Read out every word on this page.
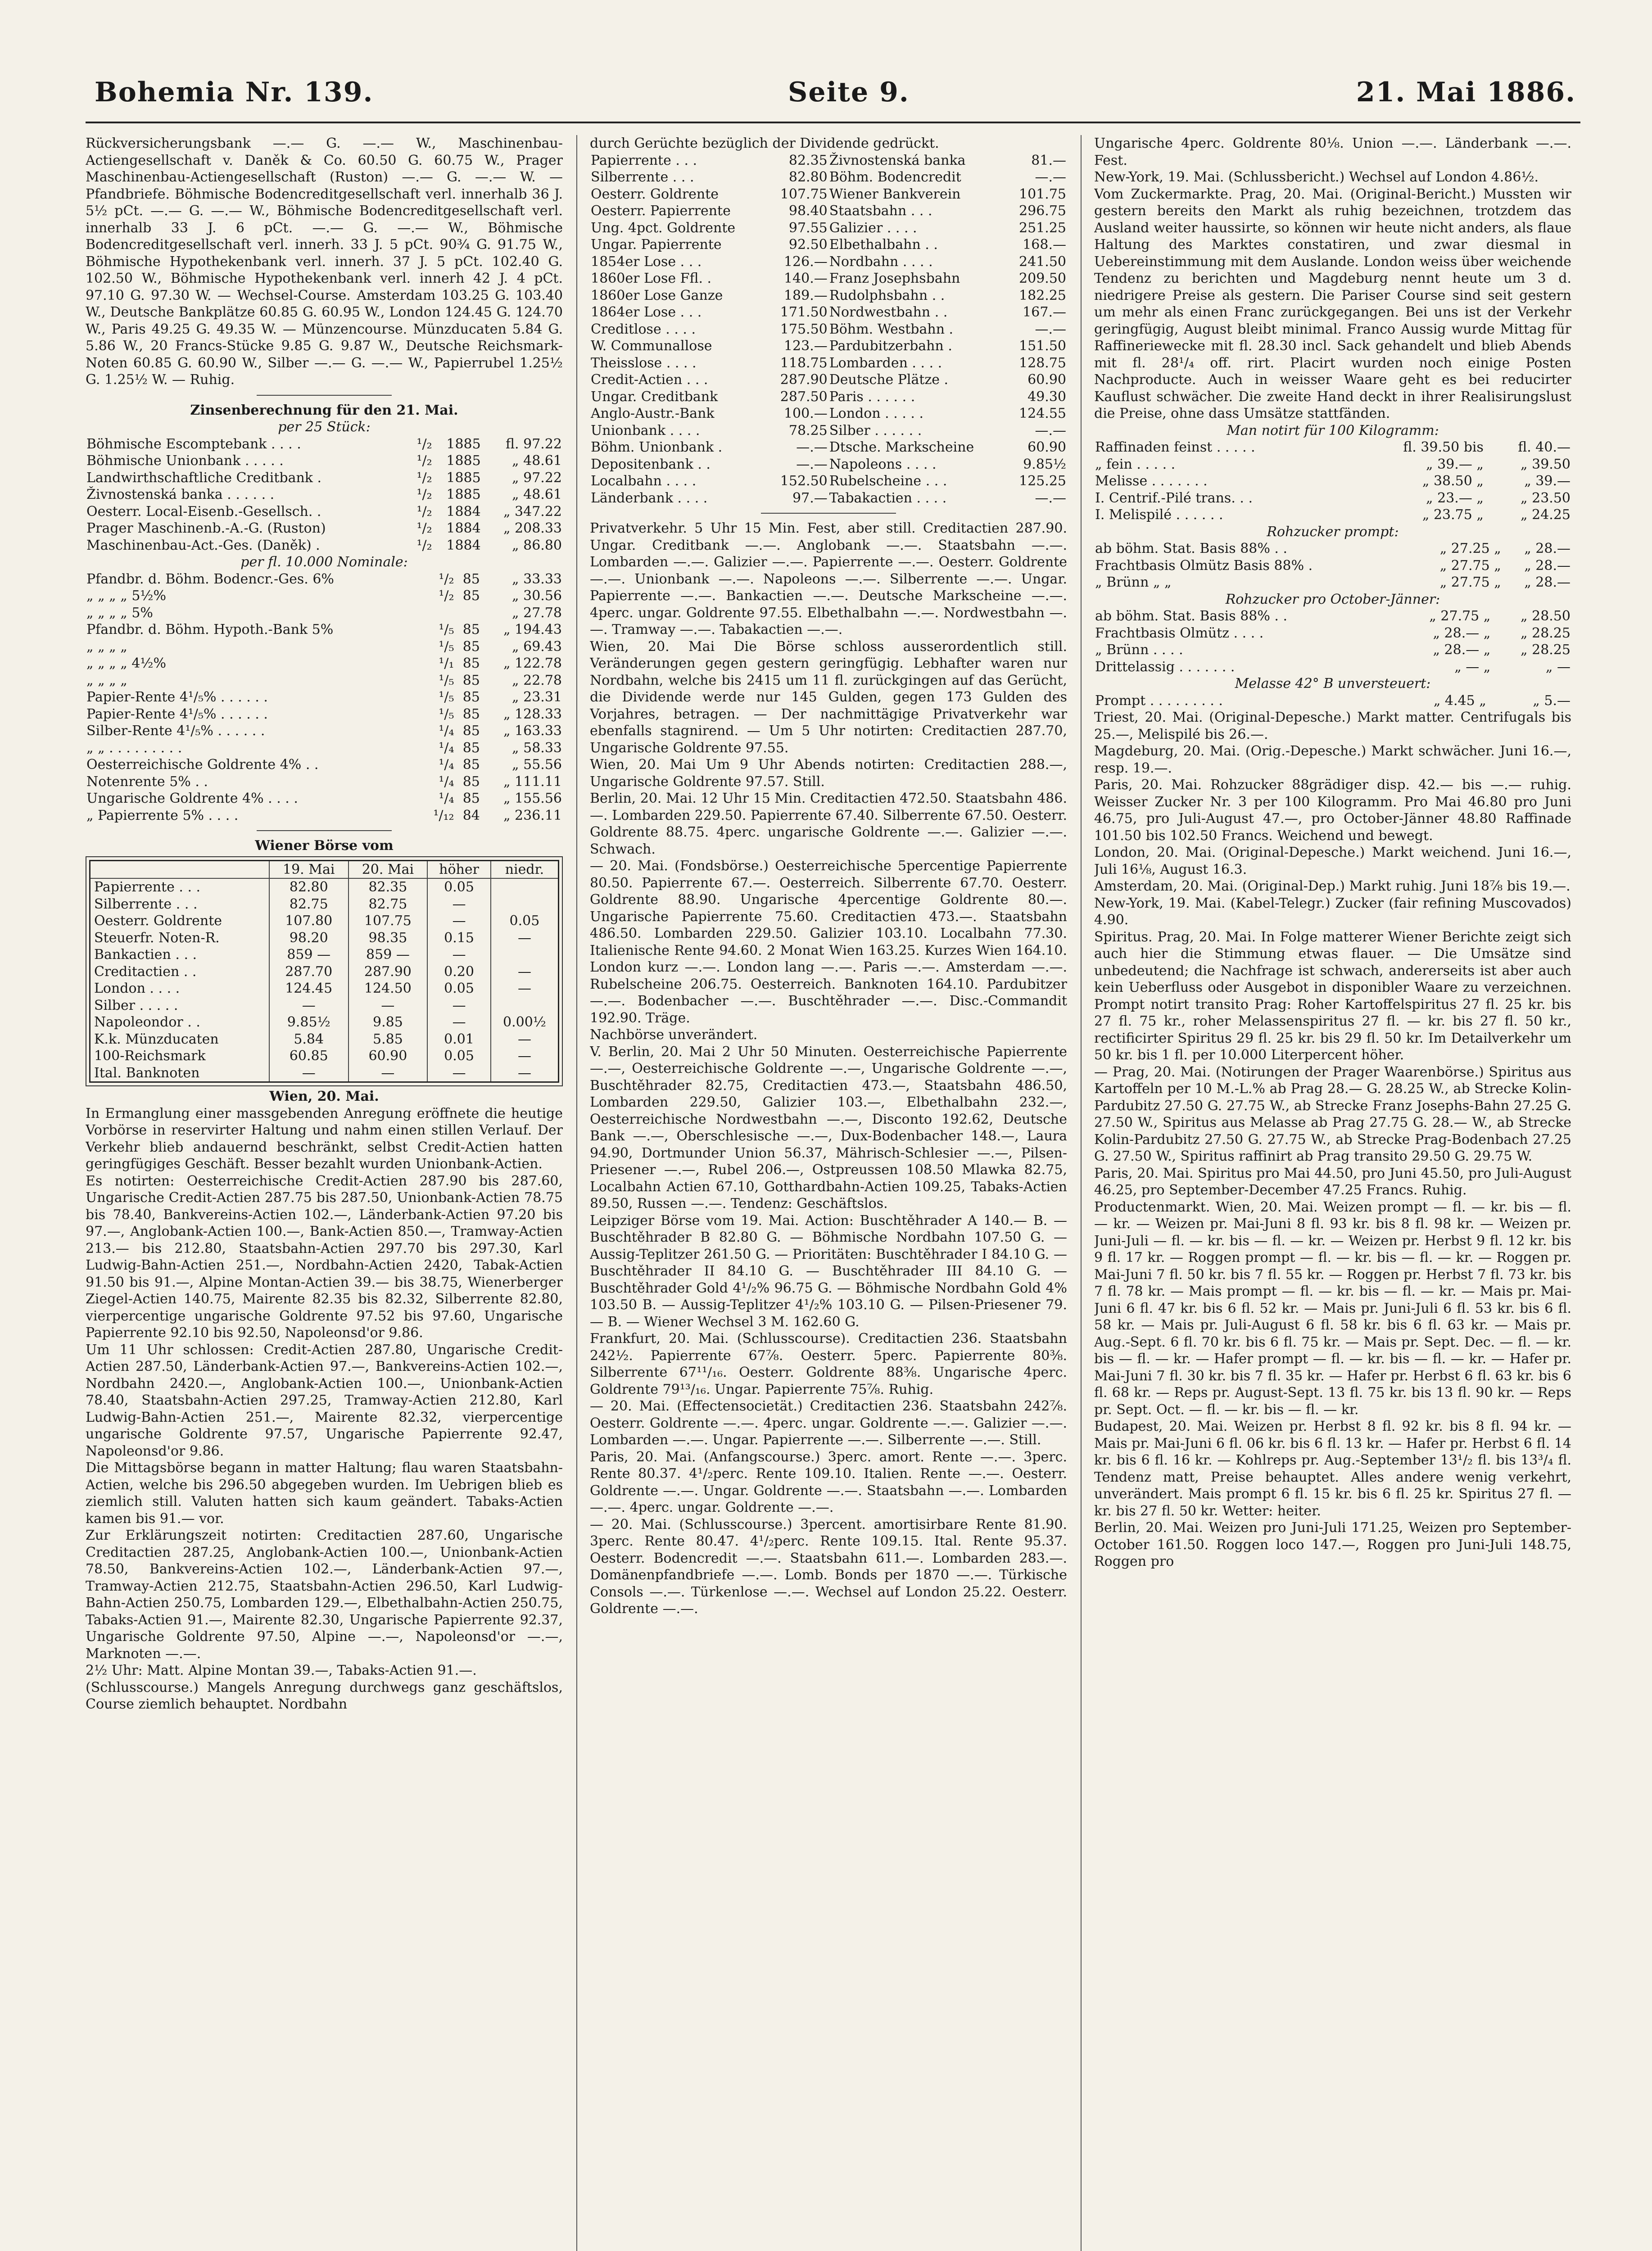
Bohemia Nr. 139.	Seite 9.	21. Mai 1886.

Rückversicherungsbank —.— G. —.— W., Maschinenbau-Actiengesellschaft v. Daněk & Co. 60.50 G. 60.75 W., Prager Maschinenbau-Actiengesellschaft (Ruston) —.— G. —.— W. — Pfandbriefe. Böhmische Bodencreditgesellschaft verl. innerhalb 36 J. 5½ pCt. —.— G. —.— W., Böhmische Bodencreditgesellschaft verl. innerhalb 33 J. 6 pCt. —.— G. —.— W., Böhmische Bodencreditgesellschaft verl. innerh. 33 J. 5 pCt. 90¾ G. 91.75 W., Böhmische Hypothekenbank verl. innerh. 37 J. 5 pCt. 102.40 G. 102.50 W., Böhmische Hypothekenbank verl. innerh 42 J. 4 pCt. 97.10 G. 97.30 W. — Wechsel-Course. Amsterdam 103.25 G. 103.40 W., Deutsche Bankplätze 60.85 G. 60.95 W., London 124.45 G. 124.70 W., Paris 49.25 G. 49.35 W. — Münzencourse. Münzducaten 5.84 G. 5.86 W., 20 Francs-Stücke 9.85 G. 9.87 W., Deutsche Reichsmark-Noten 60.85 G. 60.90 W., Silber —.— G. —.— W., Papierrubel 1.25½ G. 1.25½ W. — Ruhig.

Zinsenberechnung für den 21. Mai.

per 25 Stück:

Böhmische Escomptebank . . . .	¹/₂	1885	fl. 97.22
Böhmische Unionbank . . . . .	¹/₂	1885	„ 48.61
Landwirthschaftliche Creditbank .	¹/₂	1885	„ 97.22
Živnostenská banka . . . . . .	¹/₂	1885	„ 48.61
Oesterr. Local-Eisenb.-Gesellsch. .	¹/₂	1884	„ 347.22
Prager Maschinenb.-A.-G. (Ruston)	¹/₂	1884	„ 208.33
Maschinenbau-Act.-Ges. (Daněk) .	¹/₂	1884	„ 86.80

per fl. 10.000 Nominale:

Pfandbr. d. Böhm. Bodencr.-Ges. 6%	¹/₂	85	„ 33.33
„ „ „ „ 5½%	¹/₂	85	„ 30.56
„ „ „ „ 5%			„ 27.78
Pfandbr. d. Böhm. Hypoth.-Bank 5%	¹/₅	85	„ 194.43
„ „ „ „	¹/₅	85	„ 69.43
„ „ „ „ 4½%	¹/₁	85	„ 122.78
„ „ „ „	¹/₅	85	„ 22.78
Papier-Rente 4¹/₅% . . . . . .	¹/₅	85	„ 23.31
Papier-Rente 4¹/₅% . . . . . .	¹/₅	85	„ 128.33
Silber-Rente 4¹/₅% . . . . . .	¹/₄	85	„ 163.33
„ „ . . . . . . . . .	¹/₄	85	„ 58.33
Oesterreichische Goldrente 4% . .	¹/₄	85	„ 55.56
Notenrente 5% . .	¹/₄	85	„ 111.11
Ungarische Goldrente 4% . . . .	¹/₄	85	„ 155.56
„ Papierrente 5% . . . .	¹/₁₂	84	„ 236.11

Wiener Börse vom

	19. Mai	20. Mai	höher	niedr.
Papierrente . . .	82.80	82.35	0.05	
Silberrente . . .	82.75	82.75	—	
Oesterr. Goldrente	107.80	107.75	—	0.05
Steuerfr. Noten-R.	98.20	98.35	0.15	—
Bankactien . . .	859 —	859 —	—	
Creditactien . .	287.70	287.90	0.20	—
London . . . .	124.45	124.50	0.05	—
Silber . . . . .	—	—	—	
Napoleondor . .	9.85½	9.85	—	0.00½
K.k. Münzducaten	5.84	5.85	0.01	—
100-Reichsmark	60.85	60.90	0.05	—
Ital. Banknoten	—	—	—	—

Wien, 20. Mai.

In Ermanglung einer massgebenden Anregung eröffnete die heutige Vorbörse in reservirter Haltung und nahm einen stillen Verlauf. Der Verkehr blieb andauernd beschränkt, selbst Credit-Actien hatten geringfügiges Geschäft. Besser bezahlt wurden Unionbank-Actien.

Es notirten: Oesterreichische Credit-Actien 287.90 bis 287.60, Ungarische Credit-Actien 287.75 bis 287.50, Unionbank-Actien 78.75 bis 78.40, Bankvereins-Actien 102.—, Länderbank-Actien 97.20 bis 97.—, Anglobank-Actien 100.—, Bank-Actien 850.—, Tramway-Actien 213.— bis 212.80, Staatsbahn-Actien 297.70 bis 297.30, Karl Ludwig-Bahn-Actien 251.—, Nordbahn-Actien 2420, Tabak-Actien 91.50 bis 91.—, Alpine Montan-Actien 39.— bis 38.75, Wienerberger Ziegel-Actien 140.75, Mairente 82.35 bis 82.32, Silberrente 82.80, vierpercentige ungarische Goldrente 97.52 bis 97.60, Ungarische Papierrente 92.10 bis 92.50, Napoleonsd'or 9.86.

Um 11 Uhr schlossen: Credit-Actien 287.80, Ungarische Credit-Actien 287.50, Länderbank-Actien 97.—, Bankvereins-Actien 102.—, Nordbahn 2420.—, Anglobank-Actien 100.—, Unionbank-Actien 78.40, Staatsbahn-Actien 297.25, Tramway-Actien 212.80, Karl Ludwig-Bahn-Actien 251.—, Mairente 82.32, vierpercentige ungarische Goldrente 97.57, Ungarische Papierrente 92.47, Napoleonsd'or 9.86.

Die Mittagsbörse begann in matter Haltung; flau waren Staatsbahn-Actien, welche bis 296.50 abgegeben wurden. Im Uebrigen blieb es ziemlich still. Valuten hatten sich kaum geändert. Tabaks-Actien kamen bis 91.— vor.

Zur Erklärungszeit notirten: Creditactien 287.60, Ungarische Creditactien 287.25, Anglobank-Actien 100.—, Unionbank-Actien 78.50, Bankvereins-Actien 102.—, Länderbank-Actien 97.—, Tramway-Actien 212.75, Staatsbahn-Actien 296.50, Karl Ludwig-Bahn-Actien 250.75, Lombarden 129.—, Elbethalbahn-Actien 250.75, Tabaks-Actien 91.—, Mairente 82.30, Ungarische Papierrente 92.37, Ungarische Goldrente 97.50, Alpine —.—, Napoleonsd'or —.—, Marknoten —.—.

2½ Uhr: Matt. Alpine Montan 39.—, Tabaks-Actien 91.—.

(Schlusscourse.) Mangels Anregung durchwegs ganz geschäftslos, Course ziemlich behauptet. Nordbahn

durch Gerüchte bezüglich der Dividende gedrückt.

Papierrente . . .	82.35	Živnostenská banka	81.—
Silberrente . . .	82.80	Böhm. Bodencredit	—.—
Oesterr. Goldrente	107.75	Wiener Bankverein	101.75
Oesterr. Papierrente	98.40	Staatsbahn . . .	296.75
Ung. 4pct. Goldrente	97.55	Galizier . . . .	251.25
Ungar. Papierrente	92.50	Elbethalbahn . .	168.—
1854er Lose . . .	126.—	Nordbahn . . . .	241.50
1860er Lose Ffl. .	140.—	Franz Josephsbahn	209.50
1860er Lose Ganze	189.—	Rudolphsbahn . .	182.25
1864er Lose . . .	171.50	Nordwestbahn . .	167.—
Creditlose . . . .	175.50	Böhm. Westbahn .	—.—
W. Communallose	123.—	Pardubitzerbahn .	151.50
Theisslose . . . .	118.75	Lombarden . . . .	128.75
Credit-Actien . . .	287.90	Deutsche Plätze .	60.90
Ungar. Creditbank	287.50	Paris . . . . . .	49.30
Anglo-Austr.-Bank	100.—	London . . . . .	124.55
Unionbank . . . .	78.25	Silber . . . . . .	—.—
Böhm. Unionbank .	—.—	Dtsche. Markscheine	60.90
Depositenbank . .	—.—	Napoleons . . . .	9.85½
Localbahn . . . .	152.50	Rubelscheine . . .	125.25
Länderbank . . . .	97.—	Tabakactien . . . .	—.—

Privatverkehr. 5 Uhr 15 Min. Fest, aber still. Creditactien 287.90. Ungar. Creditbank —.—. Anglobank —.—. Staatsbahn —.—. Lombarden —.—. Galizier —.—. Papierrente —.—. Oesterr. Goldrente —.—. Unionbank —.—. Napoleons —.—. Silberrente —.—. Ungar. Papierrente —.—. Bankactien —.—. Deutsche Markscheine —.—. 4perc. ungar. Goldrente 97.55. Elbethalbahn —.—. Nordwestbahn —.—. Tramway —.—. Tabakactien —.—.

Wien, 20. Mai Die Börse schloss ausserordentlich still. Veränderungen gegen gestern geringfügig. Lebhafter waren nur Nordbahn, welche bis 2415 um 11 fl. zurückgingen auf das Gerücht, die Dividende werde nur 145 Gulden, gegen 173 Gulden des Vorjahres, betragen. — Der nachmittägige Privatverkehr war ebenfalls stagnirend. — Um 5 Uhr notirten: Creditactien 287.70, Ungarische Goldrente 97.55.

Wien, 20. Mai Um 9 Uhr Abends notirten: Creditactien 288.—, Ungarische Goldrente 97.57. Still.

Berlin, 20. Mai. 12 Uhr 15 Min. Creditactien 472.50. Staatsbahn 486.—. Lombarden 229.50. Papierrente 67.40. Silberrente 67.50. Oesterr. Goldrente 88.75. 4perc. ungarische Goldrente —.—. Galizier —.—. Schwach.

— 20. Mai. (Fondsbörse.) Oesterreichische 5percentige Papierrente 80.50. Papierrente 67.—. Oesterreich. Silberrente 67.70. Oesterr. Goldrente 88.90. Ungarische 4percentige Goldrente 80.—. Ungarische Papierrente 75.60. Creditactien 473.—. Staatsbahn 486.50. Lombarden 229.50. Galizier 103.10. Localbahn 77.30. Italienische Rente 94.60. 2 Monat Wien 163.25. Kurzes Wien 164.10. London kurz —.—. London lang —.—. Paris —.—. Amsterdam —.—. Rubelscheine 206.75. Oesterreich. Banknoten 164.10. Pardubitzer —.—. Bodenbacher —.—. Buschtěhrader —.—. Disc.-Commandit 192.90. Träge.

Nachbörse unverändert.

V. Berlin, 20. Mai 2 Uhr 50 Minuten. Oesterreichische Papierrente —.—, Oesterreichische Goldrente —.—, Ungarische Goldrente —.—, Buschtěhrader 82.75, Creditactien 473.—, Staatsbahn 486.50, Lombarden 229.50, Galizier 103.—, Elbethalbahn 232.—, Oesterreichische Nordwestbahn —.—, Disconto 192.62, Deutsche Bank —.—, Oberschlesische —.—, Dux-Bodenbacher 148.—, Laura 94.90, Dortmunder Union 56.37, Mährisch-Schlesier —.—, Pilsen-Priesener —.—, Rubel 206.—, Ostpreussen 108.50 Mlawka 82.75, Localbahn Actien 67.10, Gotthardbahn-Actien 109.25, Tabaks-Actien 89.50, Russen —.—. Tendenz: Geschäftslos.

Leipziger Börse vom 19. Mai. Action: Buschtěhrader A 140.— B. — Buschtěhrader B 82.80 G. — Böhmische Nordbahn 107.50 G. — Aussig-Teplitzer 261.50 G. — Prioritäten: Buschtěhrader I 84.10 G. — Buschtěhrader II 84.10 G. — Buschtěhrader III 84.10 G. — Buschtěhrader Gold 4¹/₂% 96.75 G. — Böhmische Nordbahn Gold 4% 103.50 B. — Aussig-Teplitzer 4¹/₂% 103.10 G. — Pilsen-Priesener 79.— B. — Wiener Wechsel 3 M. 162.60 G.

Frankfurt, 20. Mai. (Schlusscourse). Creditactien 236. Staatsbahn 242½. Papierrente 67⅞. Oesterr. 5perc. Papierrente 80⅜. Silberrente 67¹¹/₁₆. Oesterr. Goldrente 88⅜. Ungarische 4perc. Goldrente 79¹³/₁₆. Ungar. Papierrente 75⅞. Ruhig.

— 20. Mai. (Effectensocietät.) Creditactien 236. Staatsbahn 242⅞. Oesterr. Goldrente —.—. 4perc. ungar. Goldrente —.—. Galizier —.—. Lombarden —.—. Ungar. Papierrente —.—. Silberrente —.—. Still.

Paris, 20. Mai. (Anfangscourse.) 3perc. amort. Rente —.—. 3perc. Rente 80.37. 4¹/₂perc. Rente 109.10. Italien. Rente —.—. Oesterr. Goldrente —.—. Ungar. Goldrente —.—. Staatsbahn —.—. Lombarden —.—. 4perc. ungar. Goldrente —.—.

— 20. Mai. (Schlusscourse.) 3percent. amortisirbare Rente 81.90. 3perc. Rente 80.47. 4¹/₂perc. Rente 109.15. Ital. Rente 95.37. Oesterr. Bodencredit —.—. Staatsbahn 611.—. Lombarden 283.—. Domänenpfandbriefe —.—. Lomb. Bonds per 1870 —.—. Türkische Consols —.—. Türkenlose —.—. Wechsel auf London 25.22. Oesterr. Goldrente —.—.

Ungarische 4perc. Goldrente 80⅛. Union —.—. Länderbank —.—. Fest.

New-York, 19. Mai. (Schlussbericht.) Wechsel auf London 4.86½.

Vom Zuckermarkte. Prag, 20. Mai. (Original-Bericht.) Mussten wir gestern bereits den Markt als ruhig bezeichnen, trotzdem das Ausland weiter haussirte, so können wir heute nicht anders, als flaue Haltung des Marktes constatiren, und zwar diesmal in Uebereinstimmung mit dem Auslande. London weiss über weichende Tendenz zu berichten und Magdeburg nennt heute um 3 d. niedrigere Preise als gestern. Die Pariser Course sind seit gestern um mehr als einen Franc zurückgegangen. Bei uns ist der Verkehr geringfügig, August bleibt minimal. Franco Aussig wurde Mittag für Raffineriewecke mit fl. 28.30 incl. Sack gehandelt und blieb Abends mit fl. 28¹/₄ off. rirt. Placirt wurden noch einige Posten Nachproducte. Auch in weisser Waare geht es bei reducirter Kauflust schwächer. Die zweite Hand deckt in ihrer Realisirungslust die Preise, ohne dass Umsätze stattfänden.

Man notirt für 100 Kilogramm:

Raffinaden feinst . . . . .	fl. 39.50 bis	fl. 40.—
„ fein . . . . .	„ 39.— „	„ 39.50
Melisse . . . . . . .	„ 38.50 „	„ 39.—
I. Centrif.-Pilé trans. . .	„ 23.— „	„ 23.50
I. Melispilé . . . . . .	„ 23.75 „	„ 24.25

Rohzucker prompt:

ab böhm. Stat. Basis 88% . .	„ 27.25 „	„ 28.—
Frachtbasis Olmütz Basis 88% .	„ 27.75 „	„ 28.—
„ Brünn „ „	„ 27.75 „	„ 28.—

Rohzucker pro October-Jänner:

ab böhm. Stat. Basis 88% . .	„ 27.75 „	„ 28.50
Frachtbasis Olmütz . . . .	„ 28.— „	„ 28.25
„ Brünn . . . .	„ 28.— „	„ 28.25
Drittelassig . . . . . . .	„ — „	„ —

Melasse 42° B unversteuert:

Prompt . . . . . . . . .	„ 4.45 „	„ 5.—

Triest, 20. Mai. (Original-Depesche.) Markt matter. Centrifugals bis 25.—, Melispilé bis 26.—.

Magdeburg, 20. Mai. (Orig.-Depesche.) Markt schwächer. Juni 16.—, resp. 19.—.

Paris, 20. Mai. Rohzucker 88grädiger disp. 42.— bis —.— ruhig. Weisser Zucker Nr. 3 per 100 Kilogramm. Pro Mai 46.80 pro Juni 46.75, pro Juli-August 47.—, pro October-Jänner 48.80 Raffinade 101.50 bis 102.50 Francs. Weichend und bewegt.

London, 20. Mai. (Original-Depesche.) Markt weichend. Juni 16.—, Juli 16⅛, August 16.3.

Amsterdam, 20. Mai. (Original-Dep.) Markt ruhig. Juni 18⅞ bis 19.—.

New-York, 19. Mai. (Kabel-Telegr.) Zucker (fair refining Muscovados) 4.90.

Spiritus. Prag, 20. Mai. In Folge matterer Wiener Berichte zeigt sich auch hier die Stimmung etwas flauer. — Die Umsätze sind unbedeutend; die Nachfrage ist schwach, andererseits ist aber auch kein Ueberfluss oder Ausgebot in disponibler Waare zu verzeichnen. Prompt notirt transito Prag: Roher Kartoffelspiritus 27 fl. 25 kr. bis 27 fl. 75 kr., roher Melassenspiritus 27 fl. — kr. bis 27 fl. 50 kr., rectificirter Spiritus 29 fl. 25 kr. bis 29 fl. 50 kr. Im Detailverkehr um 50 kr. bis 1 fl. per 10.000 Literpercent höher.

— Prag, 20. Mai. (Notirungen der Prager Waarenbörse.) Spiritus aus Kartoffeln per 10 M.-L.% ab Prag 28.— G. 28.25 W., ab Strecke Kolin-Pardubitz 27.50 G. 27.75 W., ab Strecke Franz Josephs-Bahn 27.25 G. 27.50 W., Spiritus aus Melasse ab Prag 27.75 G. 28.— W., ab Strecke Kolin-Pardubitz 27.50 G. 27.75 W., ab Strecke Prag-Bodenbach 27.25 G. 27.50 W., Spiritus raffinirt ab Prag transito 29.50 G. 29.75 W.

Paris, 20. Mai. Spiritus pro Mai 44.50, pro Juni 45.50, pro Juli-August 46.25, pro September-December 47.25 Francs. Ruhig.

Productenmarkt. Wien, 20. Mai. Weizen prompt — fl. — kr. bis — fl. — kr. — Weizen pr. Mai-Juni 8 fl. 93 kr. bis 8 fl. 98 kr. — Weizen pr. Juni-Juli — fl. — kr. bis — fl. — kr. — Weizen pr. Herbst 9 fl. 12 kr. bis 9 fl. 17 kr. — Roggen prompt — fl. — kr. bis — fl. — kr. — Roggen pr. Mai-Juni 7 fl. 50 kr. bis 7 fl. 55 kr. — Roggen pr. Herbst 7 fl. 73 kr. bis 7 fl. 78 kr. — Mais prompt — fl. — kr. bis — fl. — kr. — Mais pr. Mai-Juni 6 fl. 47 kr. bis 6 fl. 52 kr. — Mais pr. Juni-Juli 6 fl. 53 kr. bis 6 fl. 58 kr. — Mais pr. Juli-August 6 fl. 58 kr. bis 6 fl. 63 kr. — Mais pr. Aug.-Sept. 6 fl. 70 kr. bis 6 fl. 75 kr. — Mais pr. Sept. Dec. — fl. — kr. bis — fl. — kr. — Hafer prompt — fl. — kr. bis — fl. — kr. — Hafer pr. Mai-Juni 7 fl. 30 kr. bis 7 fl. 35 kr. — Hafer pr. Herbst 6 fl. 63 kr. bis 6 fl. 68 kr. — Reps pr. August-Sept. 13 fl. 75 kr. bis 13 fl. 90 kr. — Reps pr. Sept. Oct. — fl. — kr. bis — fl. — kr.

Budapest, 20. Mai. Weizen pr. Herbst 8 fl. 92 kr. bis 8 fl. 94 kr. — Mais pr. Mai-Juni 6 fl. 06 kr. bis 6 fl. 13 kr. — Hafer pr. Herbst 6 fl. 14 kr. bis 6 fl. 16 kr. — Kohlreps pr. Aug.-September 13¹/₂ fl. bis 13³/₄ fl. Tendenz matt, Preise behauptet. Alles andere wenig verkehrt, unverändert. Mais prompt 6 fl. 15 kr. bis 6 fl. 25 kr. Spiritus 27 fl. — kr. bis 27 fl. 50 kr. Wetter: heiter.

Berlin, 20. Mai. Weizen pro Juni-Juli 171.25, Weizen pro September-October 161.50. Roggen loco 147.—, Roggen pro Juni-Juli 148.75, Roggen pro
